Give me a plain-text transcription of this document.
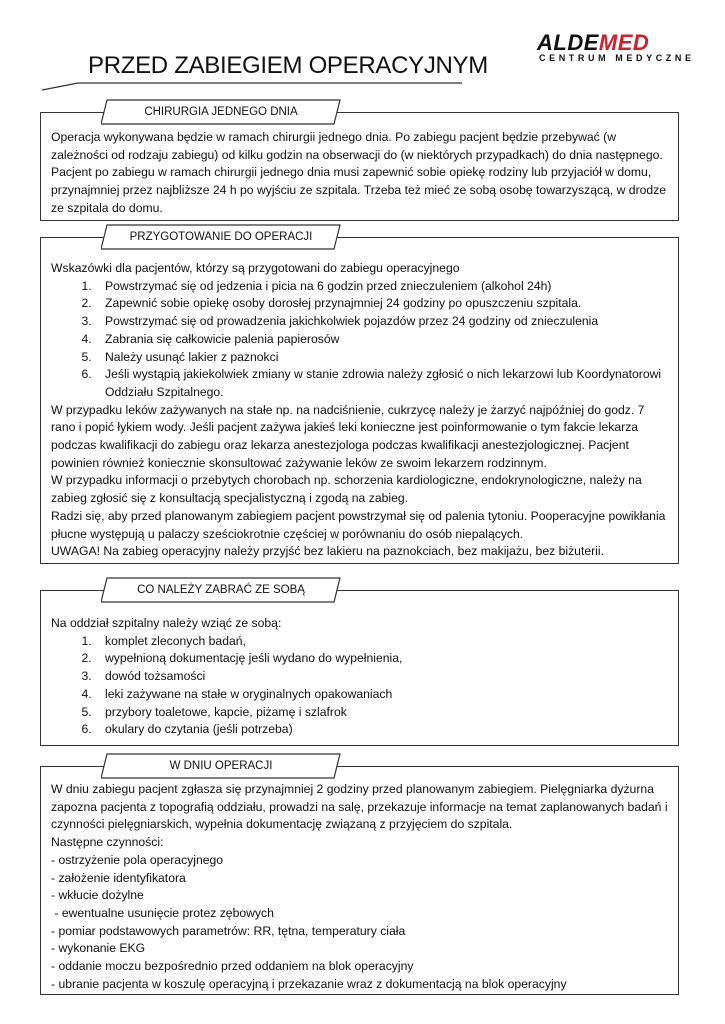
ALDEMED
CENTRUM MEDYCZNE
PRZED ZABIEGIEM OPERACYJNYM
CHIRURGIA JEDNEGO DNIA

Operacja wykonywana będzie w ramach chirurgii jednego dnia. Po zabiegu pacjent będzie przebywać (w zależności od rodzaju zabiegu) od kilku godzin na obserwacji do (w niektórych przypadkach) do dnia następnego. Pacjent po zabiegu w ramach chirurgii jednego dnia musi zapewnić sobie opiekę rodziny lub przyjaciół w domu, przynajmniej przez najbliższe 24 h po wyjściu ze szpitala. Trzeba też mieć ze sobą osobę towarzyszącą, w drodze ze szpitala do domu.

PRZYGOTOWANIE DO OPERACJI

Wskazówki dla pacjentów, którzy są przygotowani do zabiegu operacyjnego

1. Powstrzymać się od jedzenia i picia na 6 godzin przed znieczuleniem (alkohol 24h)
2. Zapewnić sobie opiekę osoby dorosłej przynajmniej 24 godziny po opuszczeniu szpitala.
3. Powstrzymać się od prowadzenia jakichkolwiek pojazdów przez 24 godziny od znieczulenia
4. Zabrania się całkowicie palenia papierosów
5. Należy usunąć lakier z paznokci
6. Jeśli wystąpią jakiekolwiek zmiany w stanie zdrowia należy zgłosić o nich lekarzowi lub Koordynatorowi Oddziału Szpitalnego.

W przypadku leków zażywanych na stałe np. na nadciśnienie, cukrzycę należy je żarzyć najpóźniej do godz. 7 rano i popić łykiem wody. Jeśli pacjent zażywa jakieś leki konieczne jest poinformowanie o tym fakcie lekarza podczas kwalifikacji do zabiegu oraz lekarza anestezjologa podczas kwalifikacji anestezjologicznej. Pacjent powinien również koniecznie skonsultować zażywanie leków ze swoim lekarzem rodzinnym.

W przypadku informacji o przebytych chorobach np. schorzenia kardiologiczne, endokrynologiczne, należy na zabieg zgłosić się z konsultacją specjalistyczną i zgodą na zabieg.

Radzi się, aby przed planowanym zabiegiem pacjent powstrzymał się od palenia tytoniu. Pooperacyjne powikłania płucne występują u palaczy sześciokrotnie częściej w porównaniu do osób niepalących.

UWAGA! Na zabieg operacyjny należy przyjść bez lakieru na paznokciach, bez makijażu, bez biżuterii.

CO NALEŻY ZABRAĆ ZE SOBĄ

Na oddział szpitalny należy wziąć ze sobą:

1. komplet zleconych badań,
2. wypełnioną dokumentację jeśli wydano do wypełnienia,
3. dowód tożsamości
4. leki zażywane na stałe w oryginalnych opakowaniach
5. przybory toaletowe, kapcie, piżamę i szlafrok
6. okulary do czytania (jeśli potrzeba)
W DNIU OPERACJI

W dniu zabiegu pacjent zgłasza się przynajmniej 2 godziny przed planowanym zabiegiem. Pielęgniarka dyżurna zapozna pacjenta z topografią oddziału, prowadzi na salę, przekazuje informacje na temat zaplanowanych badań i czynności pielęgniarskich, wypełnia dokumentację związaną z przyjęciem do szpitala.

Następne czynności:

- ostrzyżenie pola operacyjnego

- założenie identyfikatora

- wkłucie dożylne

- ewentualne usunięcie protez zębowych

- pomiar podstawowych parametrów: RR, tętna, temperatury ciała

- wykonanie EKG

- oddanie moczu bezpośrednio przed oddaniem na blok operacyjny

- ubranie pacjenta w koszulę operacyjną i przekazanie wraz z dokumentacją na blok operacyjny
